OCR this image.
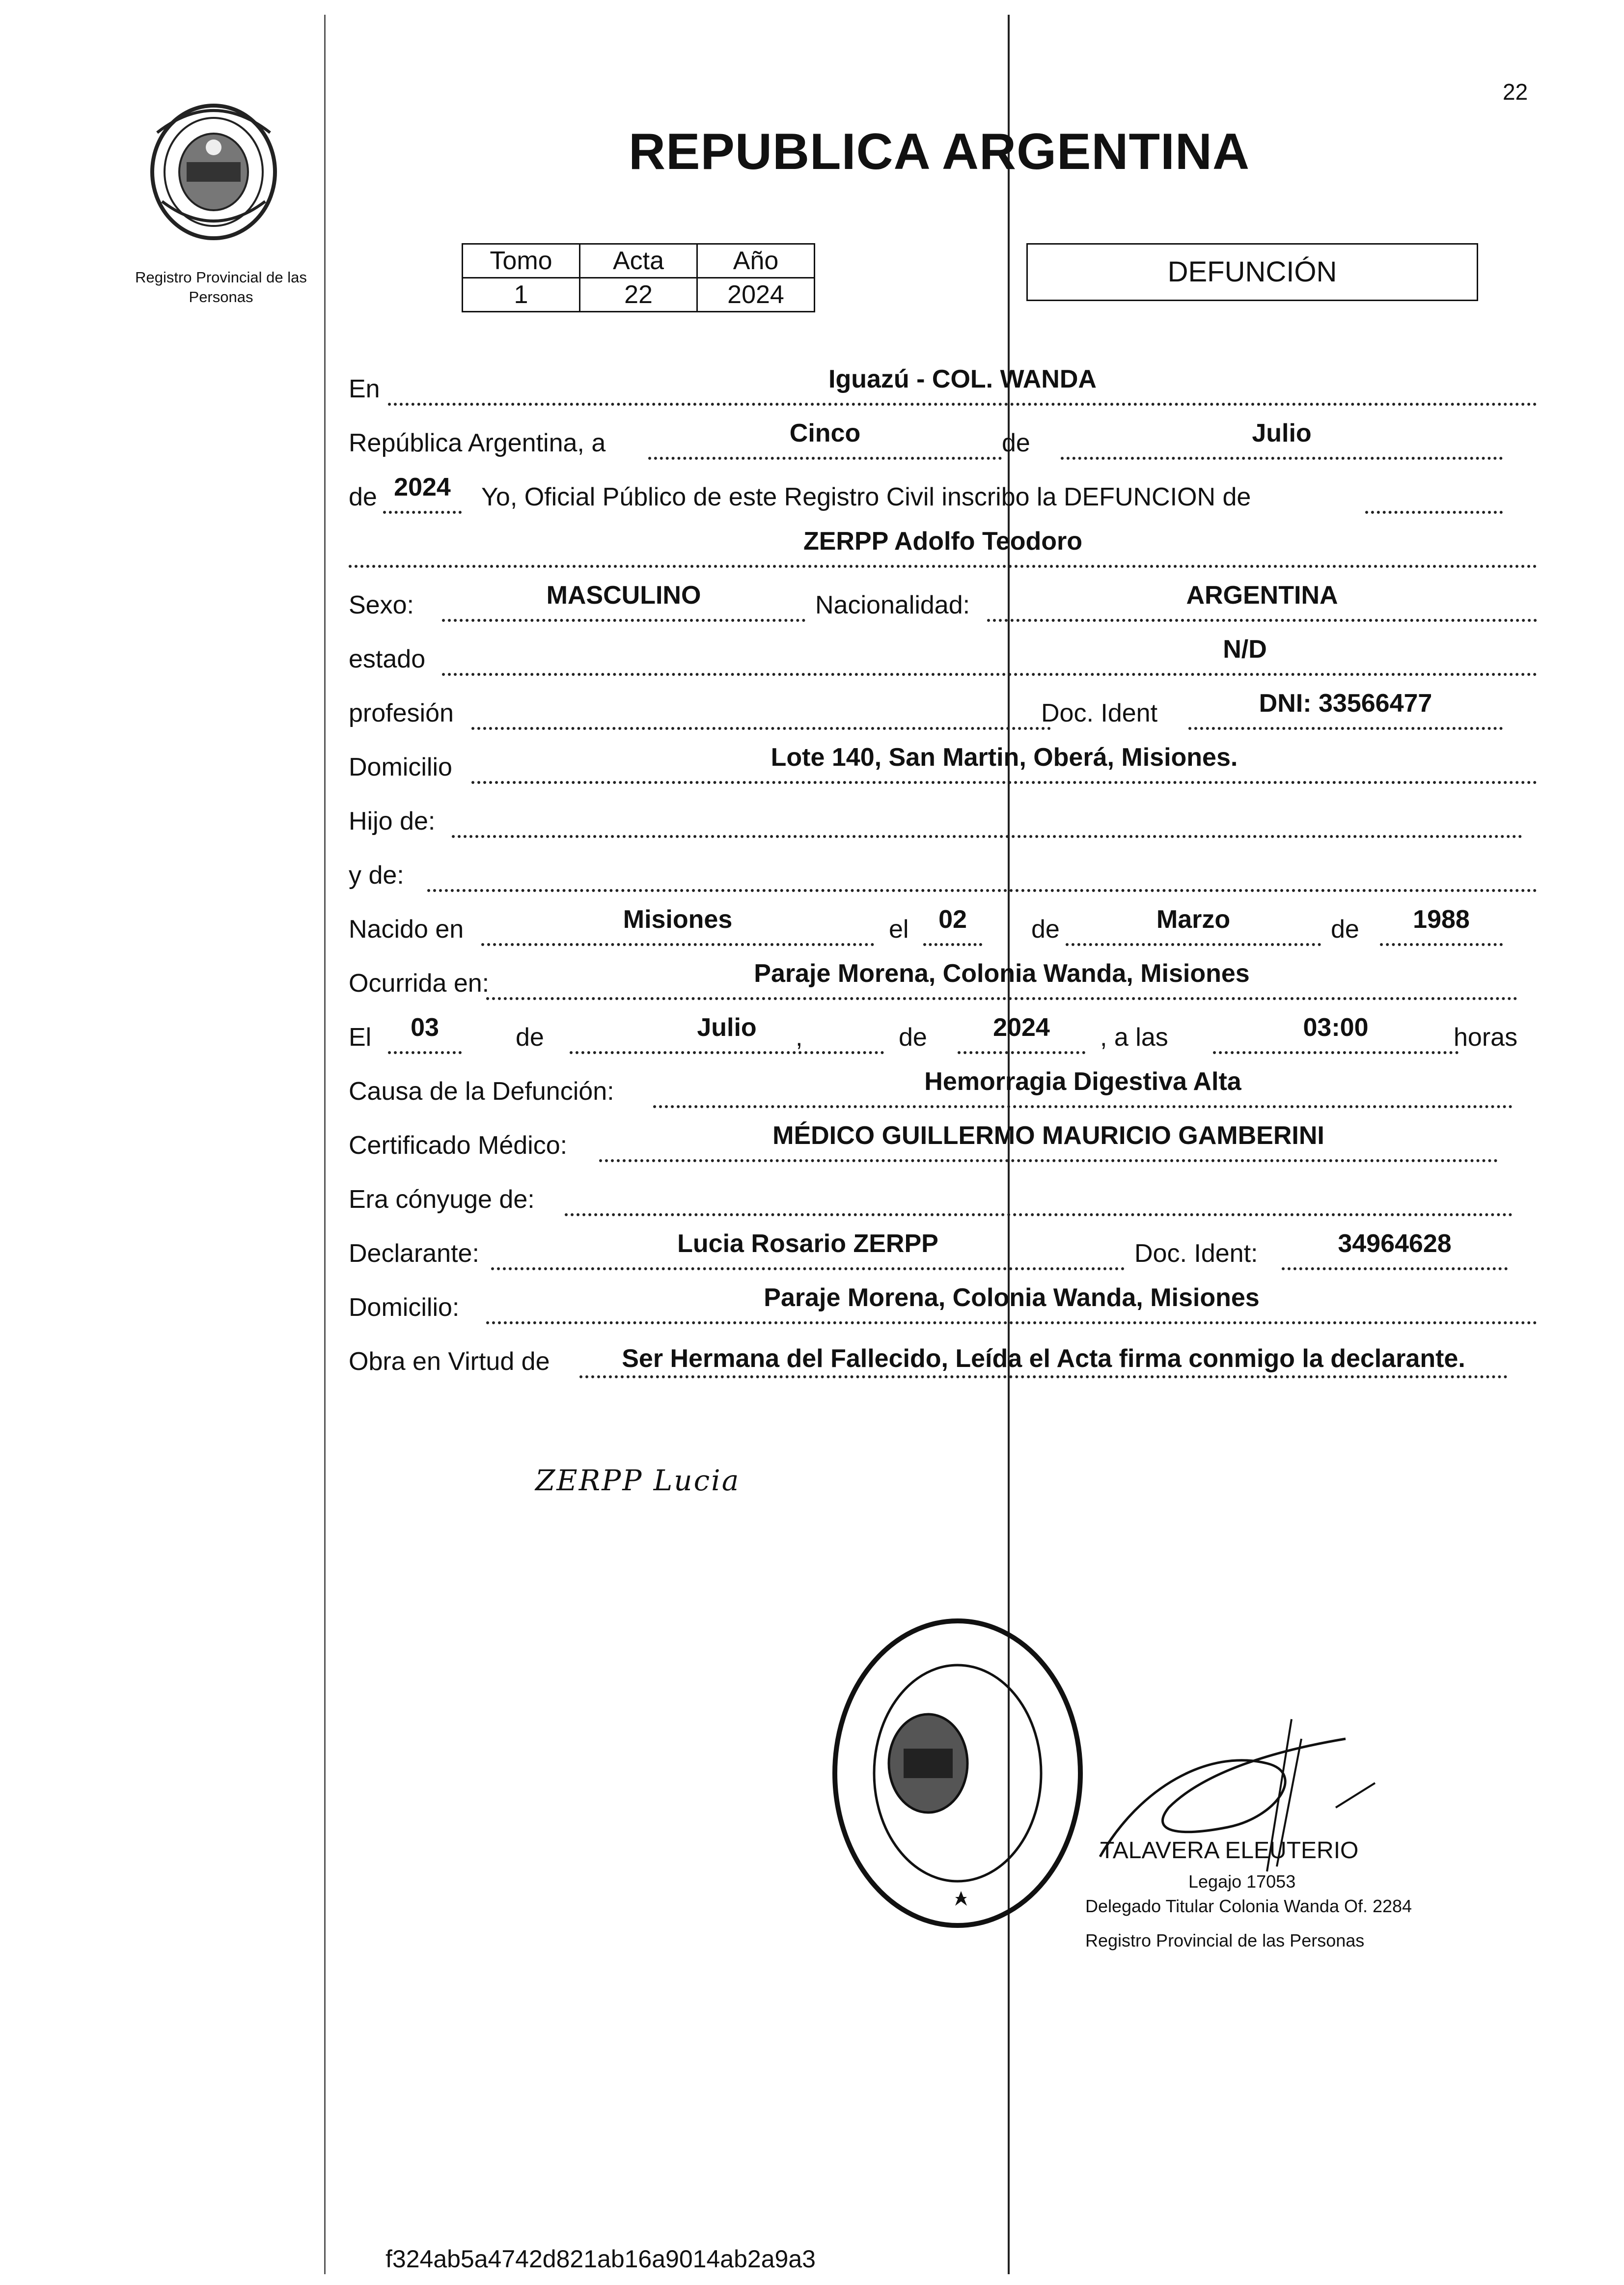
22
Registro Provincial de las Personas
REPUBLICA ARGENTINA
Tomo	Acta	Año
1	22	2024
DEFUNCIÓN
En	Iguazú - COL. WANDA
República Argentina, a	Cinco	de	Julio
de 2024	Yo, Oficial Público de este Registro Civil inscribo la DEFUNCION de
ZERPP Adolfo Teodoro
Sexo:	MASCULINO	Nacionalidad:	ARGENTINA
estado	N/D
profesión	Doc. Ident	DNI: 33566477
Domicilio	Lote 140, San Martin, Oberá, Misiones.
Hijo de:
y de:
Nacido en	Misiones	el	02	de	Marzo	de	1988
Ocurrida en:	Paraje Morena, Colonia Wanda, Misiones
El	03	de	Julio	,	de	2024	, a las	03:00	horas
Causa de la Defunción:	Hemorragia Digestiva Alta
Certificado Médico:	MÉDICO GUILLERMO MAURICIO GAMBERINI
Era cónyuge de:
Declarante:	Lucia Rosario ZERPP	Doc. Ident:	34964628
Domicilio:	Paraje Morena, Colonia Wanda, Misiones
Obra en Virtud de	Ser Hermana del Fallecido, Leída el Acta firma conmigo la declarante.
ZERPP Lucia
TALAVERA ELEUTERIO
Legajo 17053
Delegado Titular Colonia Wanda Of. 2284
Registro Provincial de las Personas
f324ab5a4742d821ab16a9014ab2a9a3
